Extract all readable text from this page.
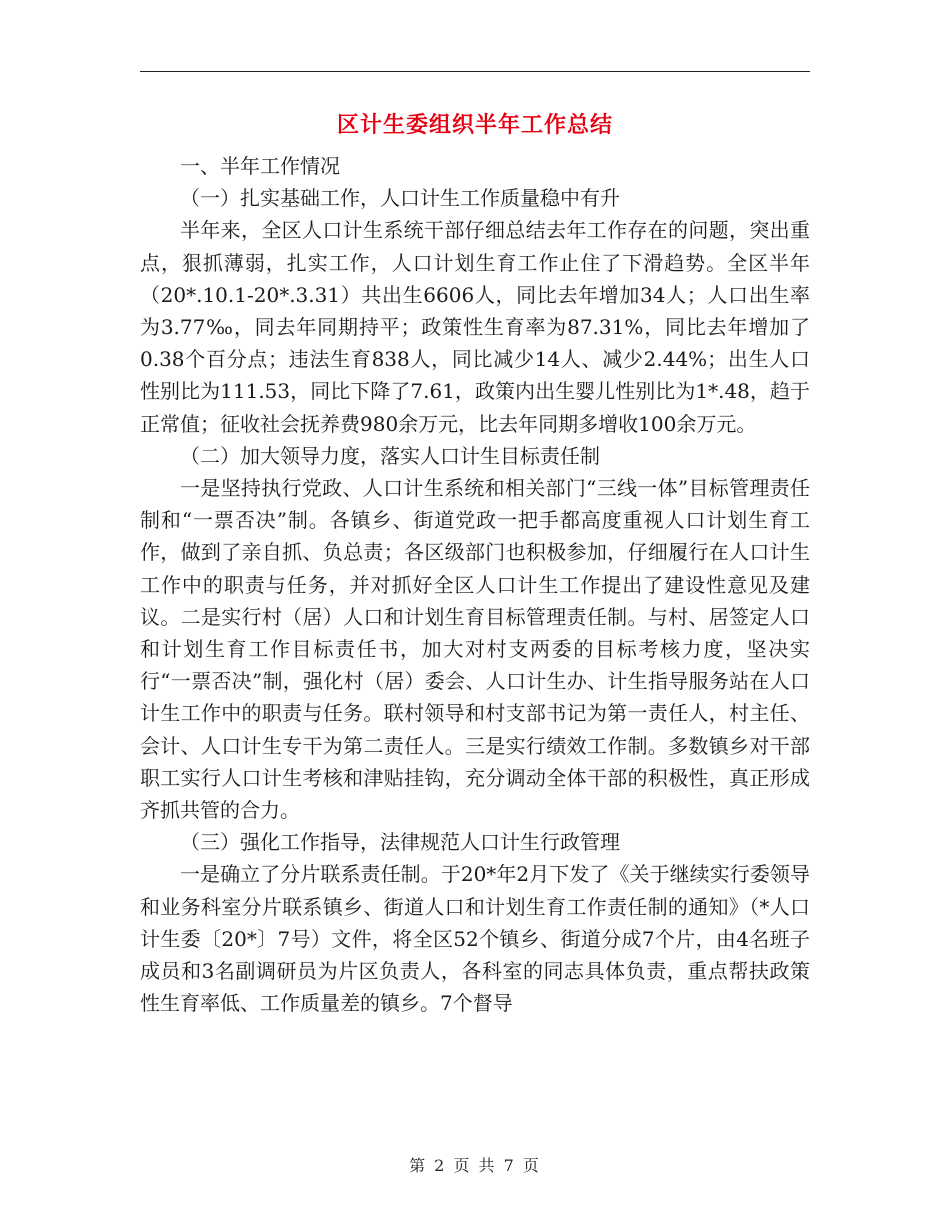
区计生委组织半年工作总结

一、半年工作情况

（一）扎实基础工作，人口计生工作质量稳中有升

半年来，全区人口计生系统干部仔细总结去年工作存在的问题，突出重点，狠抓薄弱，扎实工作，人口计划生育工作止住了下滑趋势。全区半年（20*.10.1-20*.3.31）共出生6606人，同比去年增加34人；人口出生率为3.77‰，同去年同期持平；政策性生育率为87.31%，同比去年增加了0.38个百分点；违法生育838人，同比减少14人、减少2.44%；出生人口性别比为111.53，同比下降了7.61，政策内出生婴儿性别比为1*.48，趋于正常值；征收社会抚养费980余万元，比去年同期多增收100余万元。

（二）加大领导力度，落实人口计生目标责任制

一是坚持执行党政、人口计生系统和相关部门“三线一体”目标管理责任制和“一票否决”制。各镇乡、街道党政一把手都高度重视人口计划生育工作，做到了亲自抓、负总责；各区级部门也积极参加，仔细履行在人口计生工作中的职责与任务，并对抓好全区人口计生工作提出了建设性意见及建议。二是实行村（居）人口和计划生育目标管理责任制。与村、居签定人口和计划生育工作目标责任书，加大对村支两委的目标考核力度，坚决实行“一票否决”制，强化村（居）委会、人口计生办、计生指导服务站在人口计生工作中的职责与任务。联村领导和村支部书记为第一责任人，村主任、会计、人口计生专干为第二责任人。三是实行绩效工作制。多数镇乡对干部职工实行人口计生考核和津贴挂钩，充分调动全体干部的积极性，真正形成齐抓共管的合力。

（三）强化工作指导，法律规范人口计生行政管理

一是确立了分片联系责任制。于20*年2月下发了《关于继续实行委领导和业务科室分片联系镇乡、街道人口和计划生育工作责任制的通知》（*人口计生委〔20*〕7号）文件，将全区52个镇乡、街道分成7个片，由4名班子成员和3名副调研员为片区负责人，各科室的同志具体负责，重点帮扶政策性生育率低、工作质量差的镇乡。7个督导

第 2 页 共 7 页
